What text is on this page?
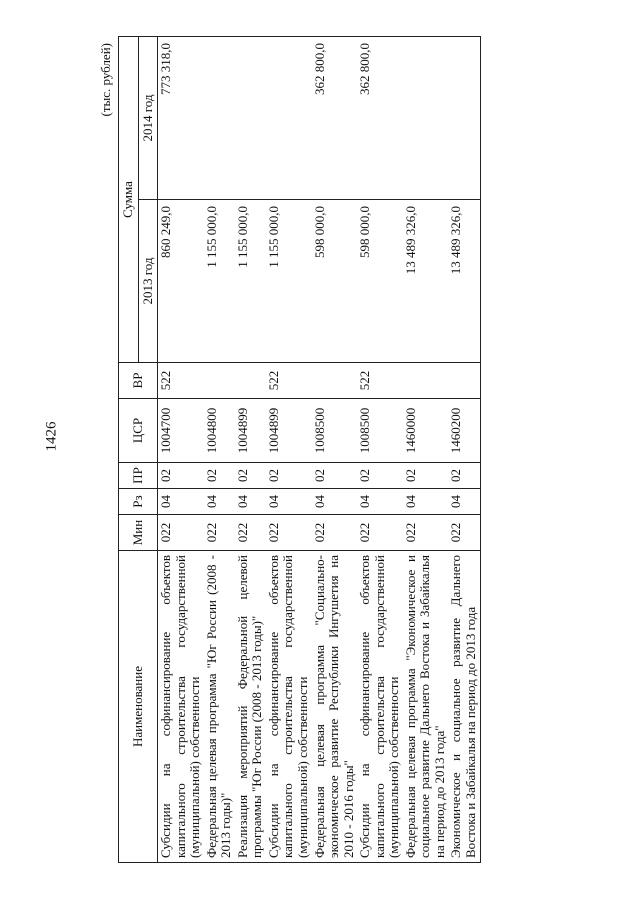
1426
(тыс. рублей)
Наименование	Мин	Рз	ПР	ЦСР	ВР	Сумма	
						2013 год	2014 год
Субсидии на софинансирование объектов капитального строительства государственной (муниципальной) собственности	022	04	02	1004700	522	860 249,0	773 318,0
Федеральная целевая программа "Юг России (2008 - 2013 годы)"	022	04	02	1004800		1 155 000,0	
Реализация мероприятий Федеральной целевой программы "Юг России (2008 - 2013 годы)"	022	04	02	1004899		1 155 000,0	
Субсидии на софинансирование объектов капитального строительства государственной (муниципальной) собственности	022	04	02	1004899	522	1 155 000,0	
Федеральная целевая программа "Социально-экономическое развитие Республики Ингушетия на 2010 - 2016 годы"	022	04	02	1008500		598 000,0	362 800,0
Субсидии на софинансирование объектов капитального строительства государственной (муниципальной) собственности	022	04	02	1008500	522	598 000,0	362 800,0
Федеральная целевая программа "Экономическое и социальное развитие Дальнего Востока и Забайкалья на период до 2013 года"	022	04	02	1460000		13 489 326,0	
Экономическое и социальное развитие Дальнего Востока и Забайкалья на период до 2013 года	022	04	02	1460200		13 489 326,0	
